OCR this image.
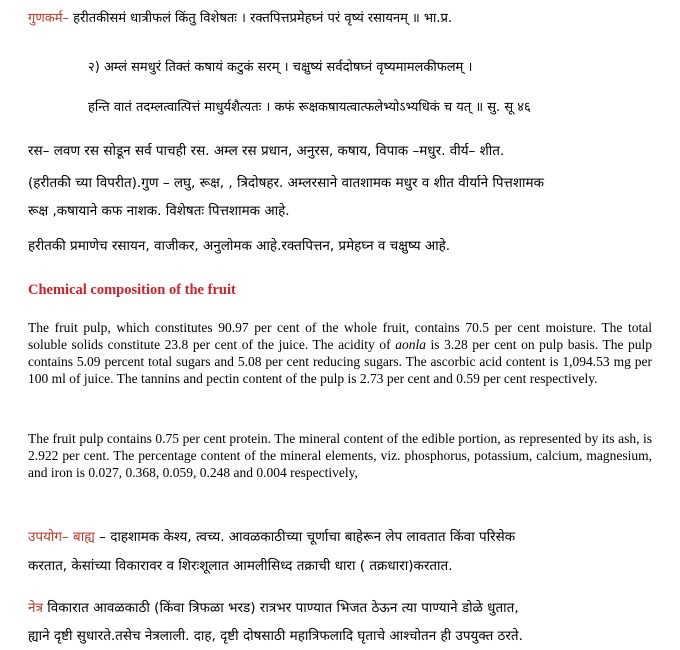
गुणकर्म– हरीतकीसमं धात्रीफलं किंतु विशेषतः । रक्तपित्तप्रमेहघ्नं परं वृष्यं रसायनम् ॥ भा.प्र.
२) अम्लं समधुरं तिक्तं कषायं कटुकं सरम् । चक्षुष्यं सर्वदोषघ्नं वृष्यमामलकीफलम् ।
हन्ति वातं तदम्लत्वात्पित्तं माधुर्यशैत्यतः । कफं रूक्षकषायत्वात्फलेभ्योऽभ्यधिकं च यत् ॥ सु. सू ४६
रस– लवण रस सोडून सर्व पाचही रस. अम्ल रस प्रधान, अनुरस, कषाय, विपाक –मधुर. वीर्य– शीत.
(हरीतकी च्या विपरीत).गुण – लघु, रूक्ष, , त्रिदोषहर. अम्लरसाने वातशामक मधुर व शीत वीर्याने पित्तशामक
रूक्ष ,कषायाने कफ नाशक. विशेषतः पित्तशामक आहे.
हरीतकी प्रमाणेच रसायन, वाजीकर, अनुलोमक आहे.रक्तपित्तन, प्रमेहघ्न व चक्षुष्य आहे.
Chemical composition of the fruit
The fruit pulp, which constitutes 90.97 per cent of the whole fruit, contains 70.5 per cent moisture. The total soluble solids constitute 23.8 per cent of the juice. The acidity of aonla is 3.28 per cent on pulp basis. The pulp contains 5.09 percent total sugars and 5.08 per cent reducing sugars. The ascorbic acid content is 1,094.53 mg per 100 ml of juice. The tannins and pectin content of the pulp is 2.73 per cent and 0.59 per cent respectively.
The fruit pulp contains 0.75 per cent protein. The mineral content of the edible portion, as represented by its ash, is 2.922 per cent. The percentage content of the mineral elements, viz. phosphorus, potassium, calcium, magnesium, and iron is 0.027, 0.368, 0.059, 0.248 and 0.004 respectively,
उपयोग– बाह्य – दाहशामक केश्य, त्वच्य. आवळकाठीच्या चूर्णाचा बाहेरून लेप लावतात किंवा परिसेक
करतात, केसांच्या विकारावर व शिरःशूलात आमलीसिध्द तक्राची धारा ( तक्रधारा)करतात.
नेत्र विकारात आवळकाठी (किंवा त्रिफळा भरड) रात्रभर पाण्यात भिजत ठेऊन त्या पाण्याने डोळे धुतात,
ह्याने दृष्टी सुधारते.तसेच नेत्रलाली. दाह, दृष्टी दोषसाठी महात्रिफलादि घृताचे आश्चोतन ही उपयुक्त ठरते.
